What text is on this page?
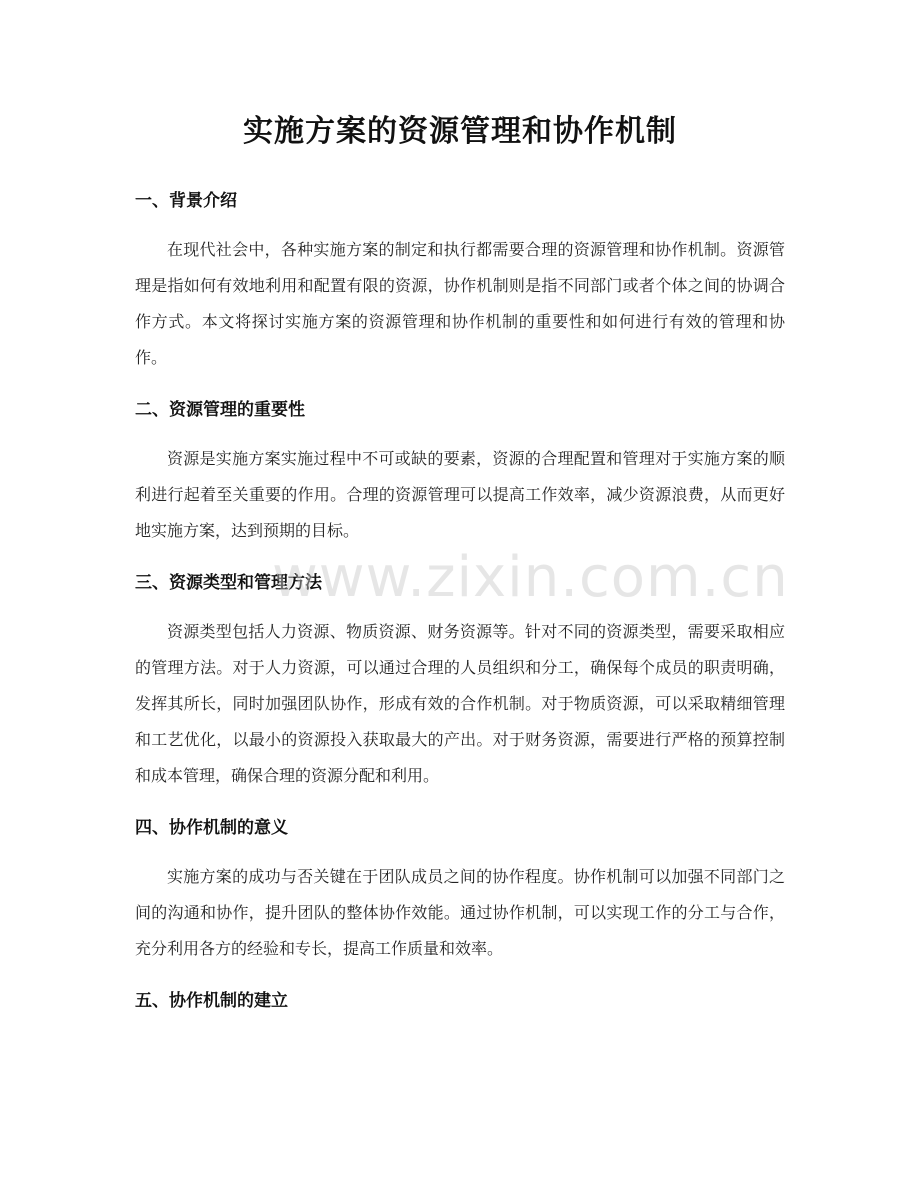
实施方案的资源管理和协作机制
一、背景介绍

在现代社会中，各种实施方案的制定和执行都需要合理的资源管理和协作机制。资源管理是指如何有效地利用和配置有限的资源，协作机制则是指不同部门或者个体之间的协调合作方式。本文将探讨实施方案的资源管理和协作机制的重要性和如何进行有效的管理和协作。

二、资源管理的重要性

资源是实施方案实施过程中不可或缺的要素，资源的合理配置和管理对于实施方案的顺利进行起着至关重要的作用。合理的资源管理可以提高工作效率，减少资源浪费，从而更好地实施方案，达到预期的目标。

三、资源类型和管理方法

资源类型包括人力资源、物质资源、财务资源等。针对不同的资源类型，需要采取相应的管理方法。对于人力资源，可以通过合理的人员组织和分工，确保每个成员的职责明确，发挥其所长，同时加强团队协作，形成有效的合作机制。对于物质资源，可以采取精细管理和工艺优化，以最小的资源投入获取最大的产出。对于财务资源，需要进行严格的预算控制和成本管理，确保合理的资源分配和利用。

四、协作机制的意义

实施方案的成功与否关键在于团队成员之间的协作程度。协作机制可以加强不同部门之间的沟通和协作，提升团队的整体协作效能。通过协作机制，可以实现工作的分工与合作，充分利用各方的经验和专长，提高工作质量和效率。

五、协作机制的建立
www.zixin.com.cn
